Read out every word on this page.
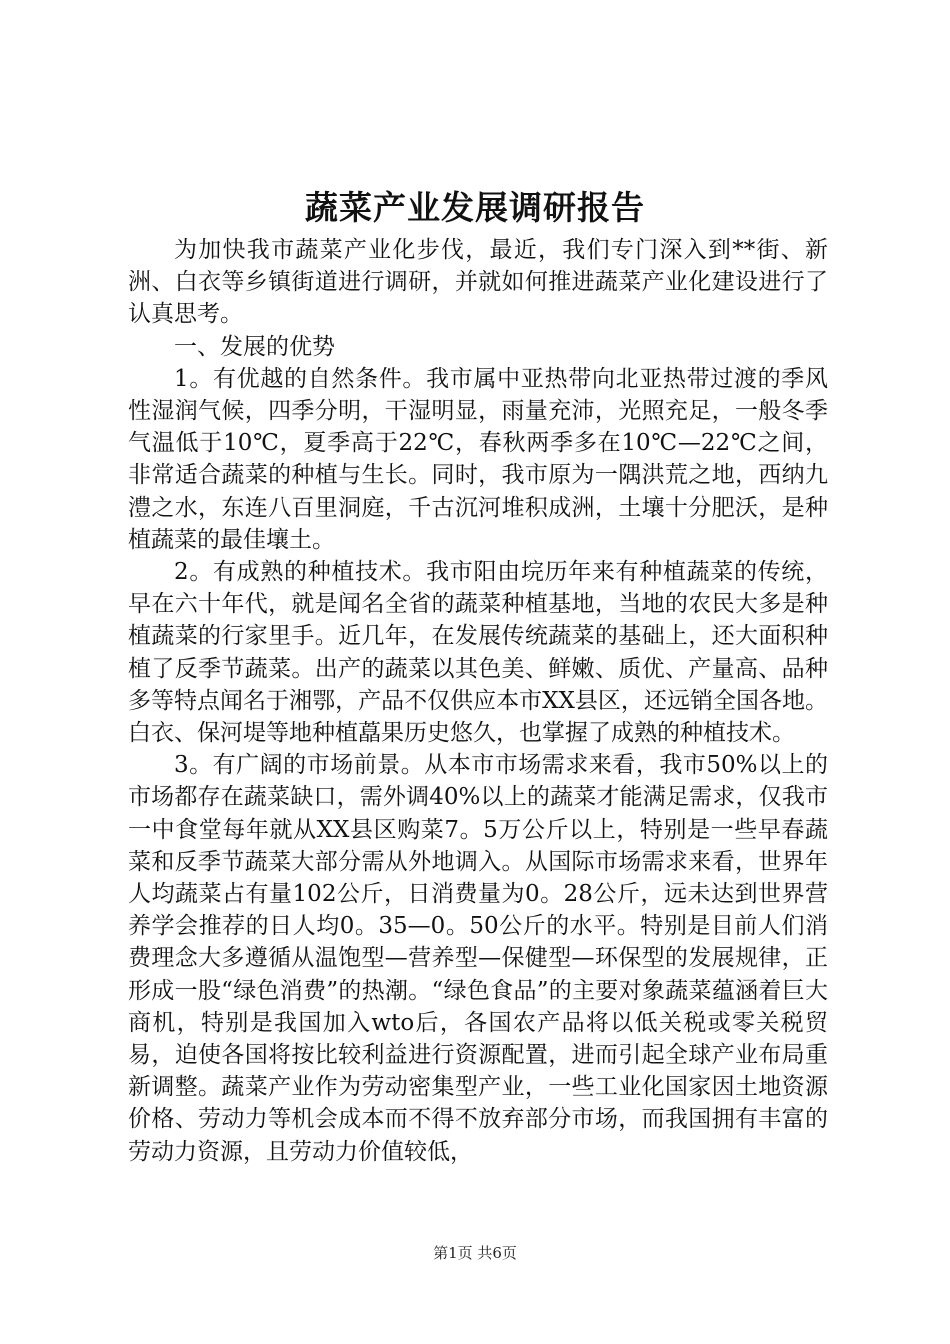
蔬菜产业发展调研报告

为加快我市蔬菜产业化步伐，最近，我们专门深入到**街、新洲、白衣等乡镇街道进行调研，并就如何推进蔬菜产业化建设进行了认真思考。

一、发展的优势

1。有优越的自然条件。我市属中亚热带向北亚热带过渡的季风性湿润气候，四季分明，干湿明显，雨量充沛，光照充足，一般冬季气温低于10℃，夏季高于22℃，春秋两季多在10℃—22℃之间，非常适合蔬菜的种植与生长。同时，我市原为一隅洪荒之地，西纳九澧之水，东连八百里洞庭，千古沉河堆积成洲，土壤十分肥沃，是种植蔬菜的最佳壤土。

2。有成熟的种植技术。我市阳由垸历年来有种植蔬菜的传统，早在六十年代，就是闻名全省的蔬菜种植基地，当地的农民大多是种植蔬菜的行家里手。近几年，在发展传统蔬菜的基础上，还大面积种植了反季节蔬菜。出产的蔬菜以其色美、鲜嫩、质优、产量高、品种多等特点闻名于湘鄂，产品不仅供应本市XX县区，还远销全国各地。白衣、保河堤等地种植藠果历史悠久，也掌握了成熟的种植技术。

3。有广阔的市场前景。从本市市场需求来看，我市50%以上的市场都存在蔬菜缺口，需外调40%以上的蔬菜才能满足需求，仅我市一中食堂每年就从XX县区购菜7。5万公斤以上，特别是一些早春蔬菜和反季节蔬菜大部分需从外地调入。从国际市场需求来看，世界年人均蔬菜占有量102公斤，日消费量为0。28公斤，远未达到世界营养学会推荐的日人均0。35—0。50公斤的水平。特别是目前人们消费理念大多遵循从温饱型—营养型—保健型—环保型的发展规律，正形成一股“绿色消费”的热潮。“绿色食品”的主要对象蔬菜蕴涵着巨大商机，特别是我国加入wto后，各国农产品将以低关税或零关税贸易，迫使各国将按比较利益进行资源配置，进而引起全球产业布局重新调整。蔬菜产业作为劳动密集型产业，一些工业化国家因土地资源价格、劳动力等机会成本而不得不放弃部分市场，而我国拥有丰富的劳动力资源，且劳动力价值较低，

第1页 共6页
